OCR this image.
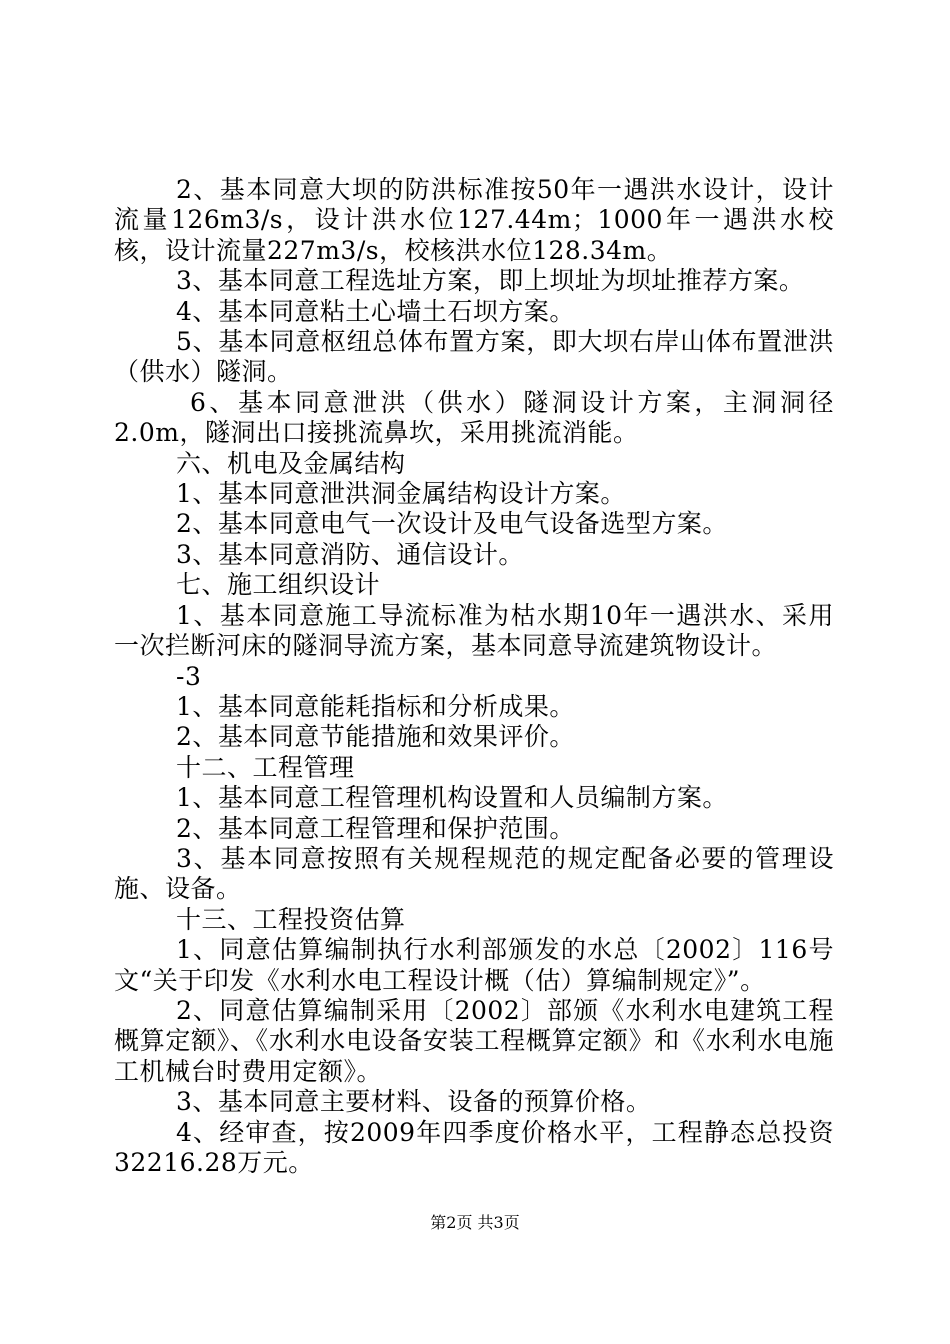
2、基本同意大坝的防洪标准按50年一遇洪水设计，设计流量126m3/s，设计洪水位127.44m；1000年一遇洪水校核，设计流量227m3/s，校核洪水位128.34m。

3、基本同意工程选址方案，即上坝址为坝址推荐方案。

4、基本同意粘土心墙土石坝方案。

5、基本同意枢纽总体布置方案，即大坝右岸山体布置泄洪（供水）隧洞。

6、基本同意泄洪（供水）隧洞设计方案，主洞洞径2.0m，隧洞出口接挑流鼻坎，采用挑流消能。

六、机电及金属结构

1、基本同意泄洪洞金属结构设计方案。

2、基本同意电气一次设计及电气设备选型方案。

3、基本同意消防、通信设计。

七、施工组织设计

1、基本同意施工导流标准为枯水期10年一遇洪水、采用一次拦断河床的隧洞导流方案，基本同意导流建筑物设计。

-3

1、基本同意能耗指标和分析成果。

2、基本同意节能措施和效果评价。

十二、工程管理

1、基本同意工程管理机构设置和人员编制方案。

2、基本同意工程管理和保护范围。

3、基本同意按照有关规程规范的规定配备必要的管理设施、设备。

十三、工程投资估算

1、同意估算编制执行水利部颁发的水总〔2002〕116号文“关于印发《水利水电工程设计概（估）算编制规定》”。

2、同意估算编制采用〔2002〕部颁《水利水电建筑工程概算定额》、《水利水电设备安装工程概算定额》和《水利水电施工机械台时费用定额》。

3、基本同意主要材料、设备的预算价格。

4、经审查，按2009年四季度价格水平，工程静态总投资32216.28万元。

第2页 共3页
